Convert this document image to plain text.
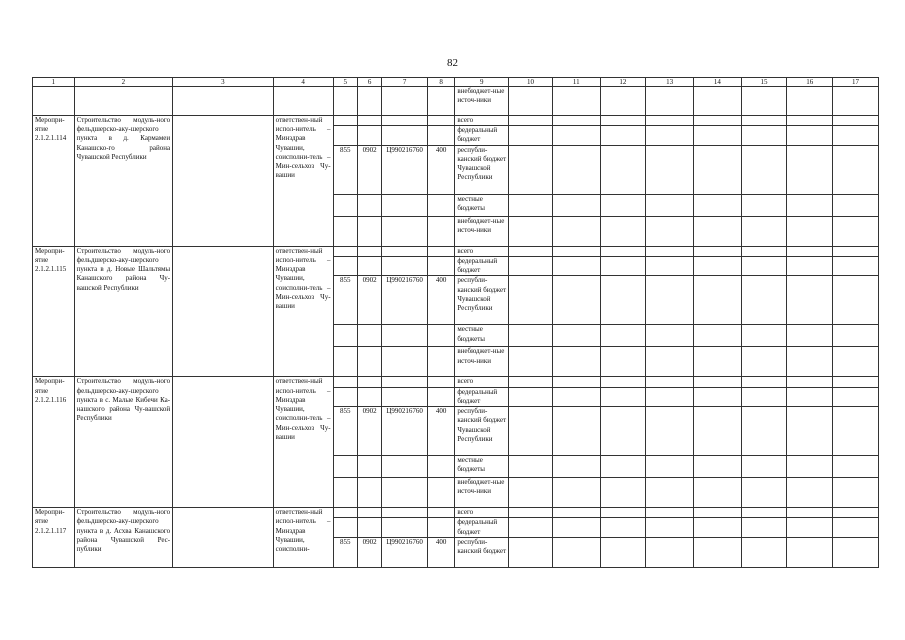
82
1	2	3	4	5	6	7	8	9	10	11	12	13	14	15	16	17
								внебюджет-ные источ-ники								
Меропри-ятие 2.1.2.1.114	Строительство модуль-ного фельдшерско-аку-шерского пункта в д. Кармамеи Канашско-го района Чувашской Республики		ответствен-ный испол-нитель – Минздрав Чувашии, соисполни-тель – Мин-сельхоз Чу-вашии					всего								
								федеральный бюджет								
				855	0902	Ц990216760	400	республи-канский бюджет Чувашской Республики								
								местные бюджеты								
								внебюджет-ные источ-ники								
Меропри-ятие 2.1.2.1.115	Строительство модуль-ного фельдшерско-аку-шерского пункта в д. Новые Шальтямы Канашского района Чу-вашской Республики		ответствен-ный испол-нитель – Минздрав Чувашии, соисполни-тель – Мин-сельхоз Чу-вашии					всего								
								федеральный бюджет								
				855	0902	Ц990216760	400	республи-канский бюджет Чувашской Республики								
								местные бюджеты								
								внебюджет-ные источ-ники								
Меропри-ятие 2.1.2.1.116	Строительство модуль-ного фельдшерско-аку-шерского пункта в с. Малые Кибечи Ка-нашского района Чу-вашской Республики		ответствен-ный испол-нитель – Минздрав Чувашии, соисполни-тель – Мин-сельхоз Чу-вашии					всего								
								федеральный бюджет								
				855	0902	Ц990216760	400	республи-канский бюджет Чувашской Республики								
								местные бюджеты								
								внебюджет-ные источ-ники								
Меропри-ятие 2.1.2.1.117	Строительство модуль-ного фельдшерско-аку-шерского пункта в д. Асхва Канашского района Чувашской Рес-публики		ответствен-ный испол-нитель – Минздрав Чувашии, соисполни-					всего								
								федеральный бюджет								
				855	0902	Ц990216760	400	республи-канский бюджет								
